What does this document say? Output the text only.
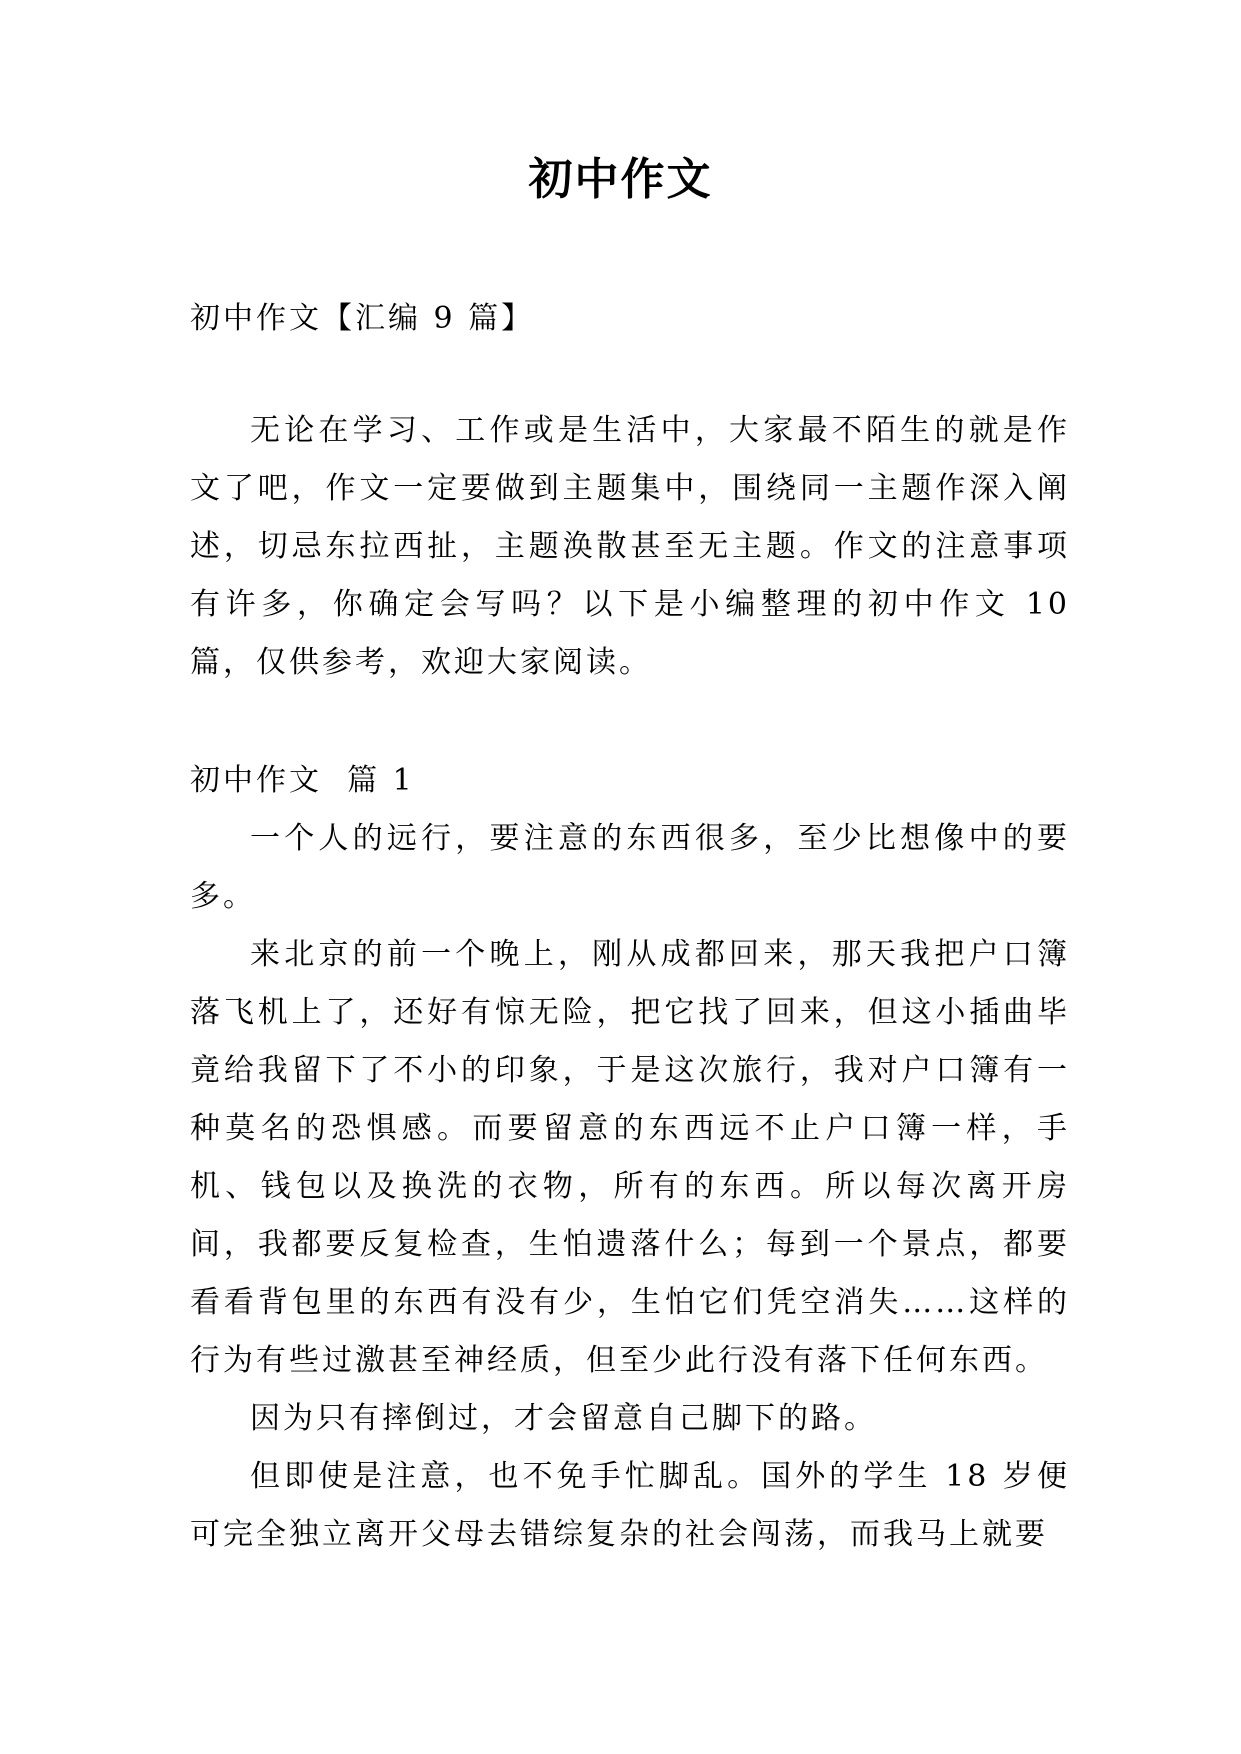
初中作文

初中作文【汇编 9 篇】

无论在学习、工作或是生活中，大家最不陌生的就是作文了吧，作文一定要做到主题集中，围绕同一主题作深入阐述，切忌东拉西扯，主题涣散甚至无主题。作文的注意事项有许多，你确定会写吗？以下是小编整理的初中作文 10 篇，仅供参考，欢迎大家阅读。

初中作文  篇 1

一个人的远行，要注意的东西很多，至少比想像中的要多。

来北京的前一个晚上，刚从成都回来，那天我把户口簿落飞机上了，还好有惊无险，把它找了回来，但这小插曲毕竟给我留下了不小的印象，于是这次旅行，我对户口簿有一种莫名的恐惧感。而要留意的东西远不止户口簿一样，手机、钱包以及换洗的衣物，所有的东西。所以每次离开房间，我都要反复检查，生怕遗落什么；每到一个景点，都要看看背包里的东西有没有少，生怕它们凭空消失……这样的行为有些过激甚至神经质，但至少此行没有落下任何东西。

因为只有摔倒过，才会留意自己脚下的路。

但即使是注意，也不免手忙脚乱。国外的学生 18 岁便可完全独立离开父母去错综复杂的社会闯荡，而我马上就要
